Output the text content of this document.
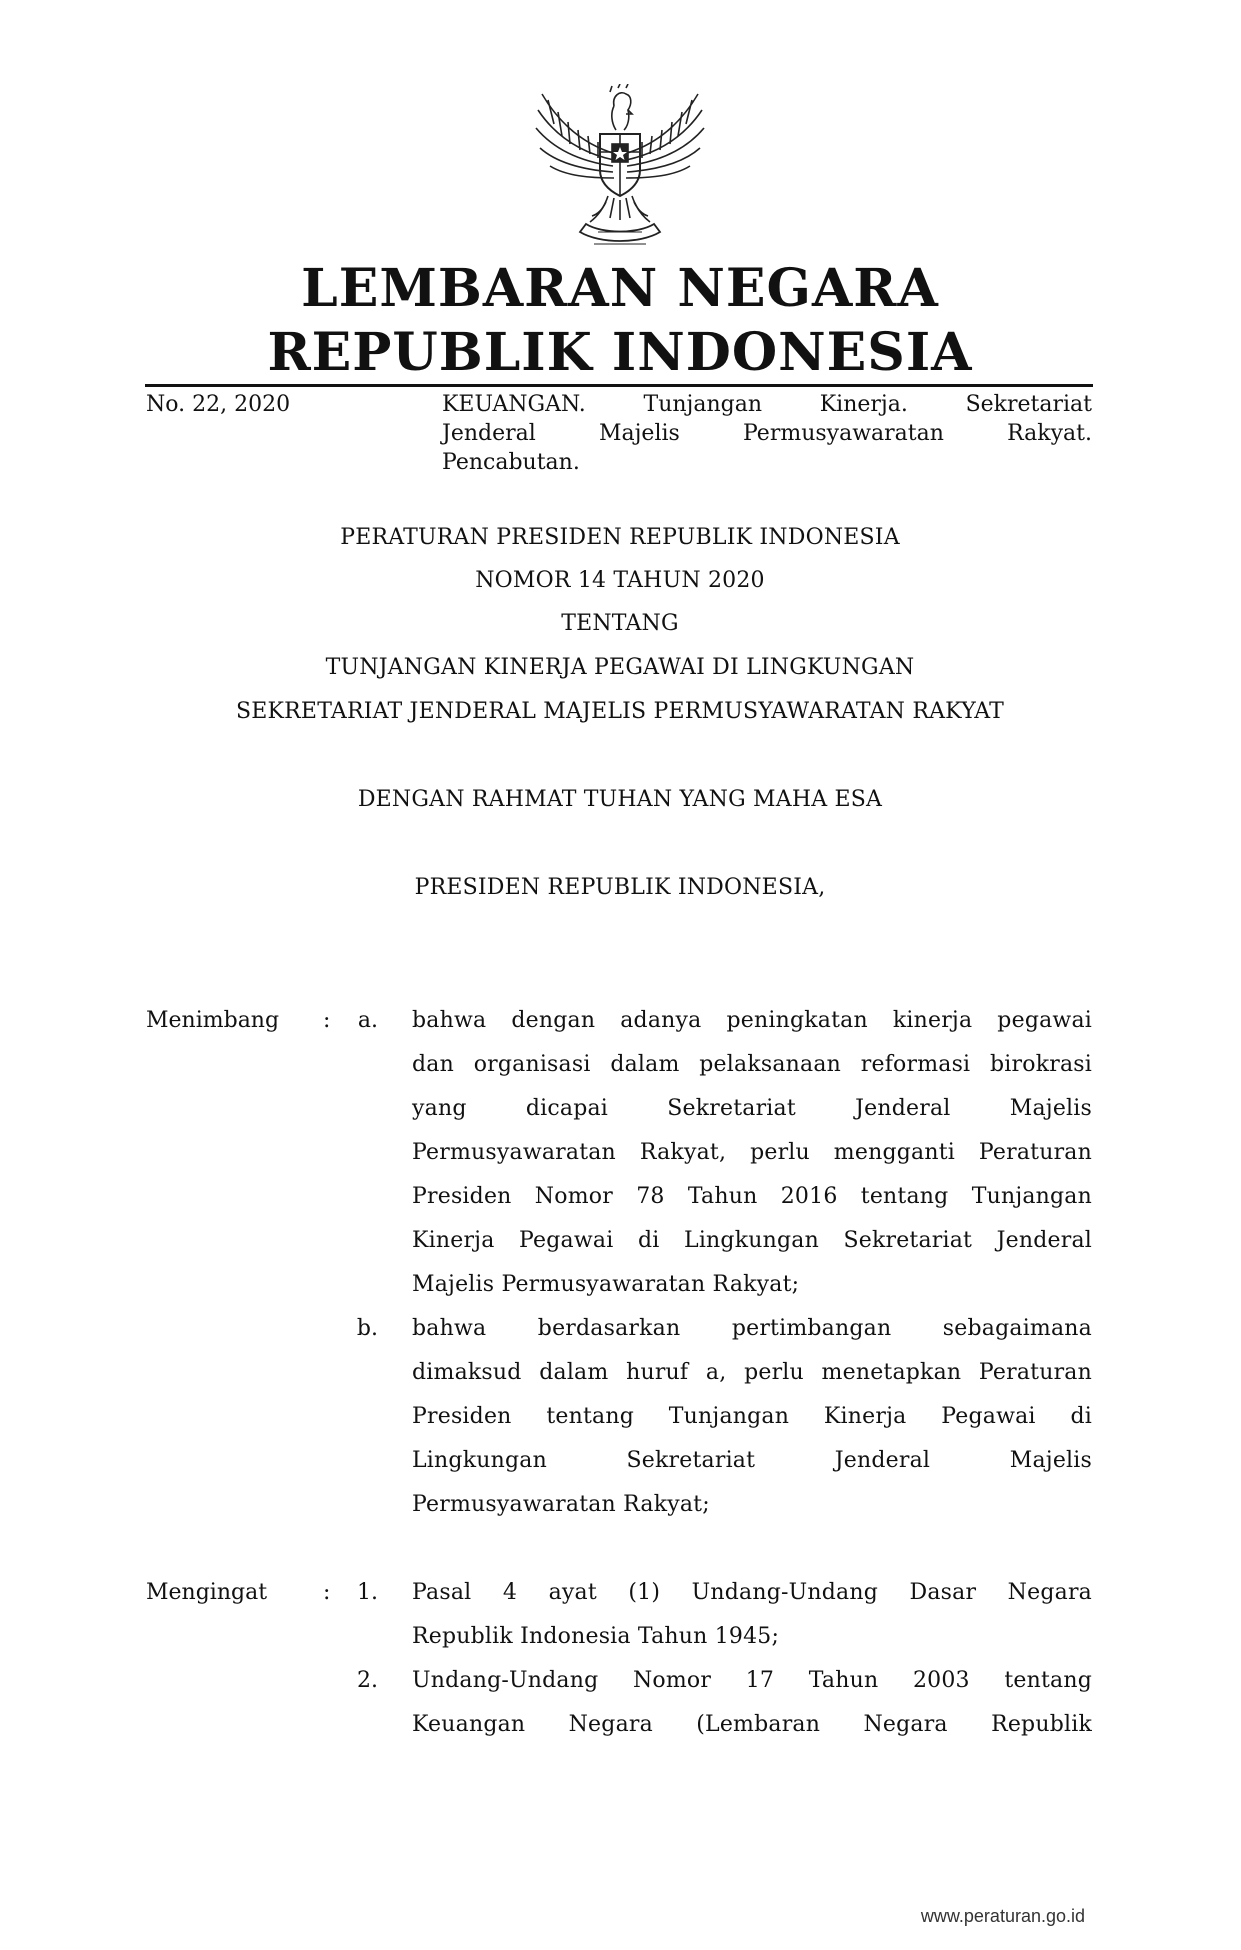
LEMBARAN NEGARA
REPUBLIK INDONESIA
No. 22, 2020	KEUANGAN. Tunjangan Kinerja. Sekretariat
Jenderal Majelis Permusyawaratan Rakyat.
Pencabutan.
PERATURAN PRESIDEN REPUBLIK INDONESIA
NOMOR 14 TAHUN 2020
TENTANG
TUNJANGAN KINERJA PEGAWAI DI LINGKUNGAN
SEKRETARIAT JENDERAL MAJELIS PERMUSYAWARATAN RAKYAT
DENGAN RAHMAT TUHAN YANG MAHA ESA
PRESIDEN REPUBLIK INDONESIA,
Menimbang : a. bahwa dengan adanya peningkatan kinerja pegawai
dan organisasi dalam pelaksanaan reformasi birokrasi
yang dicapai Sekretariat Jenderal Majelis
Permusyawaratan Rakyat, perlu mengganti Peraturan
Presiden Nomor 78 Tahun 2016 tentang Tunjangan
Kinerja Pegawai di Lingkungan Sekretariat Jenderal
Majelis Permusyawaratan Rakyat;
b. bahwa berdasarkan pertimbangan sebagaimana
dimaksud dalam huruf a, perlu menetapkan Peraturan
Presiden tentang Tunjangan Kinerja Pegawai di
Lingkungan Sekretariat Jenderal Majelis
Permusyawaratan Rakyat;
Mengingat	: 1. Pasal 4 ayat (1) Undang-Undang Dasar Negara
Republik Indonesia Tahun 1945;
2. Undang-Undang Nomor 17 Tahun 2003 tentang
Keuangan Negara (Lembaran Negara Republik
www.peraturan.go.id
